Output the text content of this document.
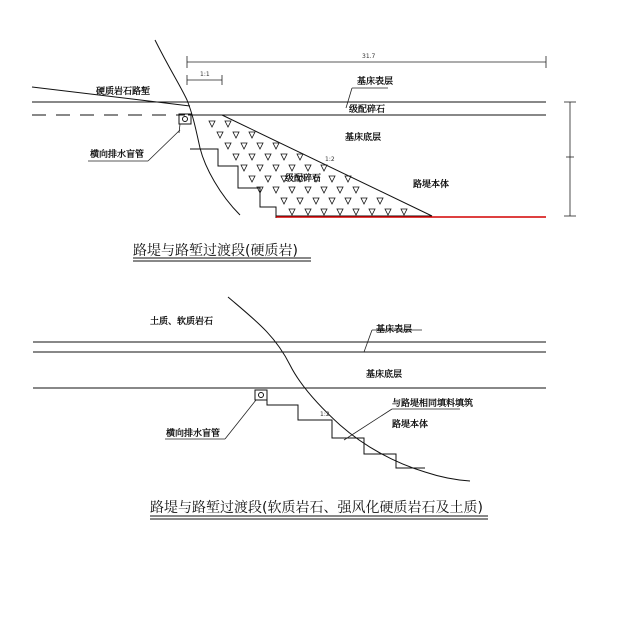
31.7
1:1
硬质岩石路堑
基床表层
级配碎石
基床底层
1:2
级配碎石
路堤本体
横向排水盲管
路堤与路堑过渡段(硬质岩)
土质、软质岩石
基床表层
基床底层
1:2
与路堤相同填料填筑
路堤本体
横向排水盲管
路堤与路堑过渡段(软质岩石、强风化硬质岩石及土质)
